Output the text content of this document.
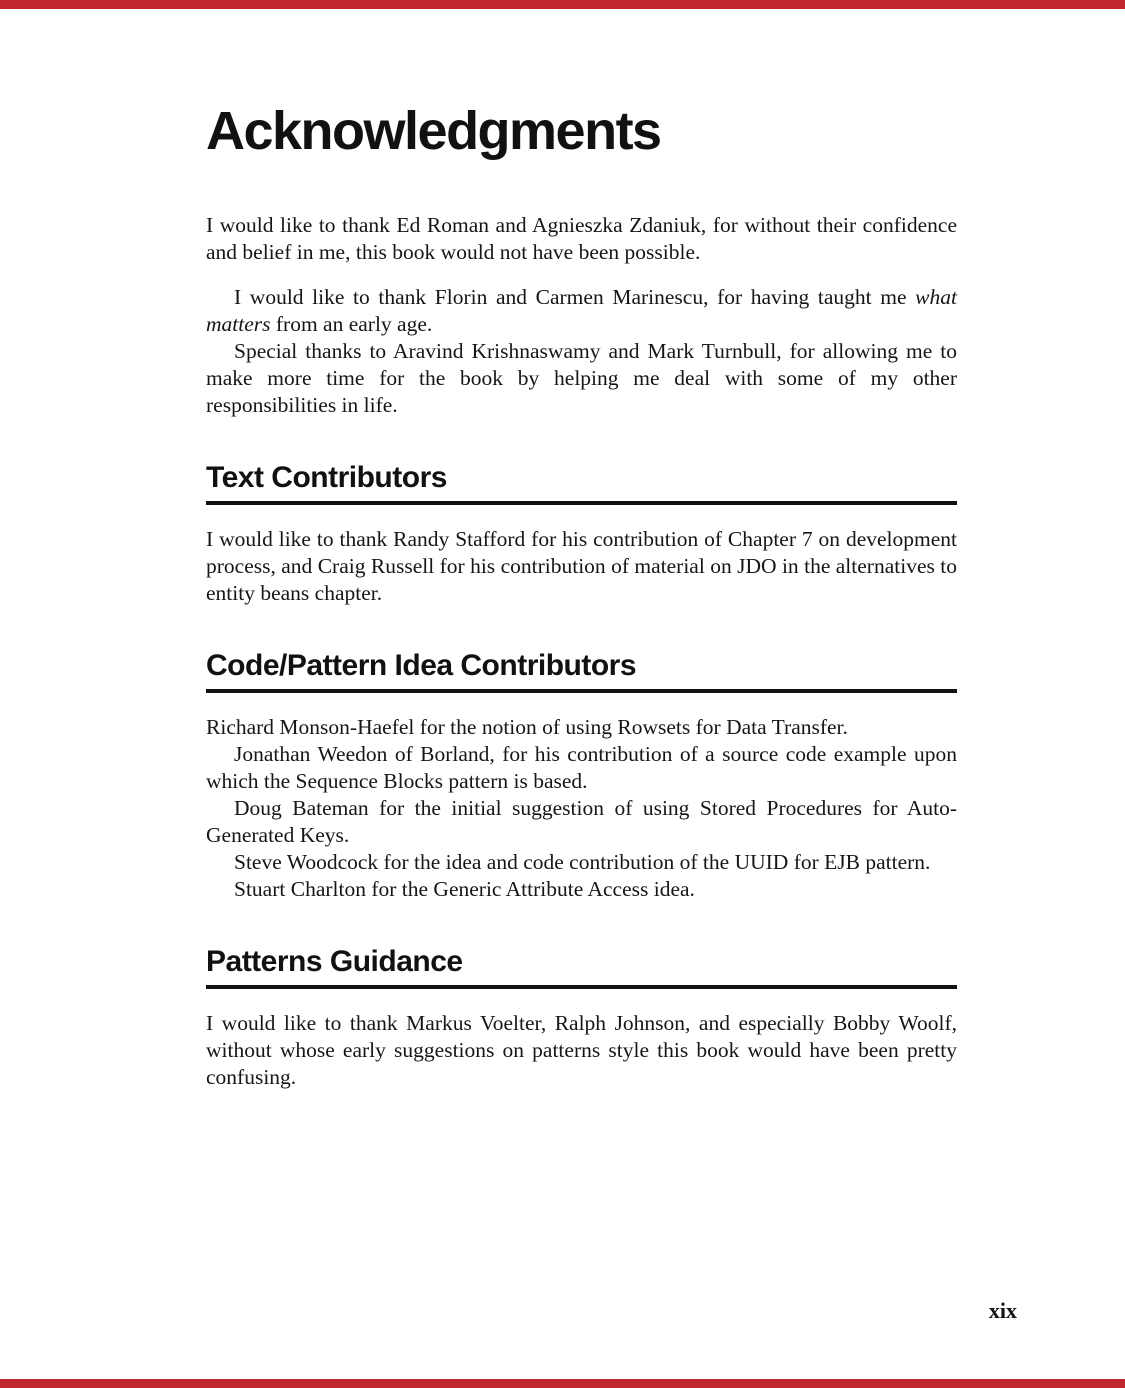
Acknowledgments

I would like to thank Ed Roman and Agnieszka Zdaniuk, for without their confidence and belief in me, this book would not have been possible.

I would like to thank Florin and Carmen Marinescu, for having taught me what matters from an early age.

Special thanks to Aravind Krishnaswamy and Mark Turnbull, for allowing me to make more time for the book by helping me deal with some of my other responsibilities in life.

Text Contributors

I would like to thank Randy Stafford for his contribution of Chapter 7 on development process, and Craig Russell for his contribution of material on JDO in the alternatives to entity beans chapter.

Code/Pattern Idea Contributors

Richard Monson-Haefel for the notion of using Rowsets for Data Transfer.

Jonathan Weedon of Borland, for his contribution of a source code example upon which the Sequence Blocks pattern is based.

Doug Bateman for the initial suggestion of using Stored Procedures for Auto-Generated Keys.

Steve Woodcock for the idea and code contribution of the UUID for EJB pattern.

Stuart Charlton for the Generic Attribute Access idea.

Patterns Guidance

I would like to thank Markus Voelter, Ralph Johnson, and especially Bobby Woolf, without whose early suggestions on patterns style this book would have been pretty confusing.

xix
